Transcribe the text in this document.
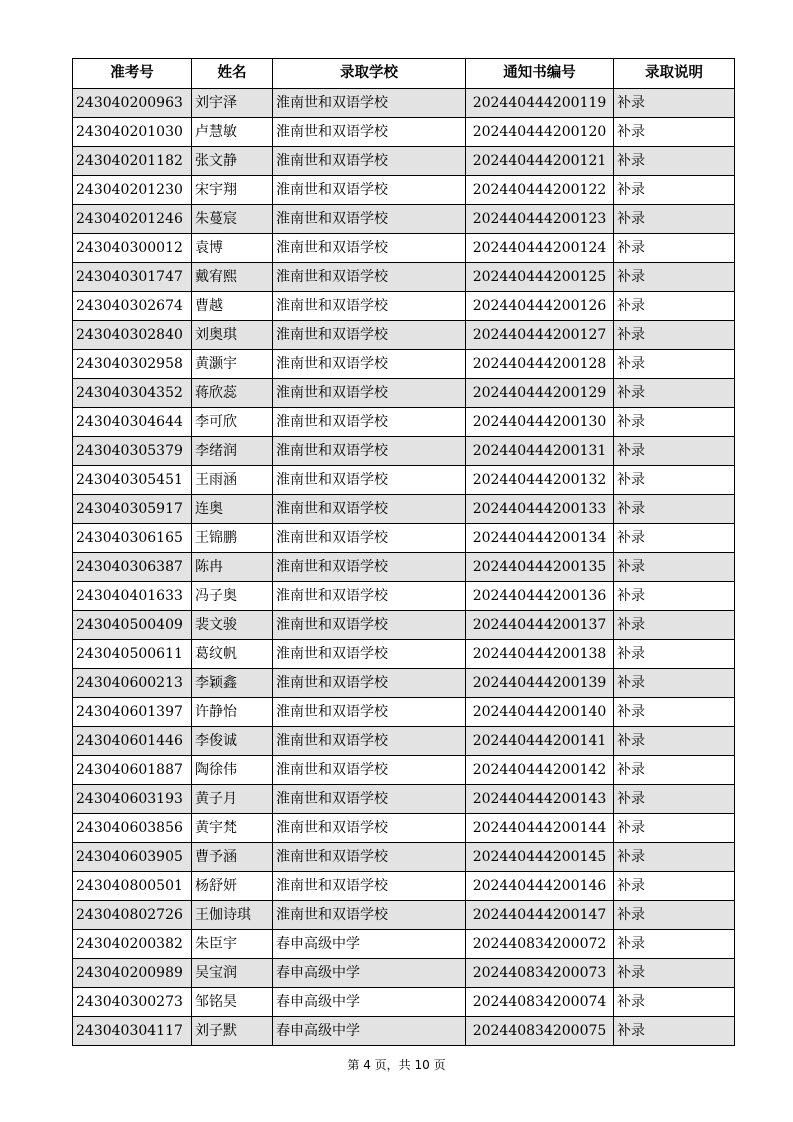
准考号	姓名	录取学校	通知书编号	录取说明
243040200963	刘宇泽	淮南世和双语学校	202440444200119	补录
243040201030	卢慧敏	淮南世和双语学校	202440444200120	补录
243040201182	张文静	淮南世和双语学校	202440444200121	补录
243040201230	宋宇翔	淮南世和双语学校	202440444200122	补录
243040201246	朱蔓宸	淮南世和双语学校	202440444200123	补录
243040300012	袁博	淮南世和双语学校	202440444200124	补录
243040301747	戴宥熙	淮南世和双语学校	202440444200125	补录
243040302674	曹越	淮南世和双语学校	202440444200126	补录
243040302840	刘奥琪	淮南世和双语学校	202440444200127	补录
243040302958	黄灏宇	淮南世和双语学校	202440444200128	补录
243040304352	蒋欣蕊	淮南世和双语学校	202440444200129	补录
243040304644	李可欣	淮南世和双语学校	202440444200130	补录
243040305379	李绪润	淮南世和双语学校	202440444200131	补录
243040305451	王雨涵	淮南世和双语学校	202440444200132	补录
243040305917	连奥	淮南世和双语学校	202440444200133	补录
243040306165	王锦鹏	淮南世和双语学校	202440444200134	补录
243040306387	陈冉	淮南世和双语学校	202440444200135	补录
243040401633	冯子奥	淮南世和双语学校	202440444200136	补录
243040500409	裴文骏	淮南世和双语学校	202440444200137	补录
243040500611	葛纹帆	淮南世和双语学校	202440444200138	补录
243040600213	李颖鑫	淮南世和双语学校	202440444200139	补录
243040601397	许静怡	淮南世和双语学校	202440444200140	补录
243040601446	李俊诚	淮南世和双语学校	202440444200141	补录
243040601887	陶徐伟	淮南世和双语学校	202440444200142	补录
243040603193	黄子月	淮南世和双语学校	202440444200143	补录
243040603856	黄宇梵	淮南世和双语学校	202440444200144	补录
243040603905	曹予涵	淮南世和双语学校	202440444200145	补录
243040800501	杨舒妍	淮南世和双语学校	202440444200146	补录
243040802726	王伽诗琪	淮南世和双语学校	202440444200147	补录
243040200382	朱臣宇	春申高级中学	202440834200072	补录
243040200989	吴宝润	春申高级中学	202440834200073	补录
243040300273	邹铭昊	春申高级中学	202440834200074	补录
243040304117	刘子默	春申高级中学	202440834200075	补录
第 4 页，共 10 页
